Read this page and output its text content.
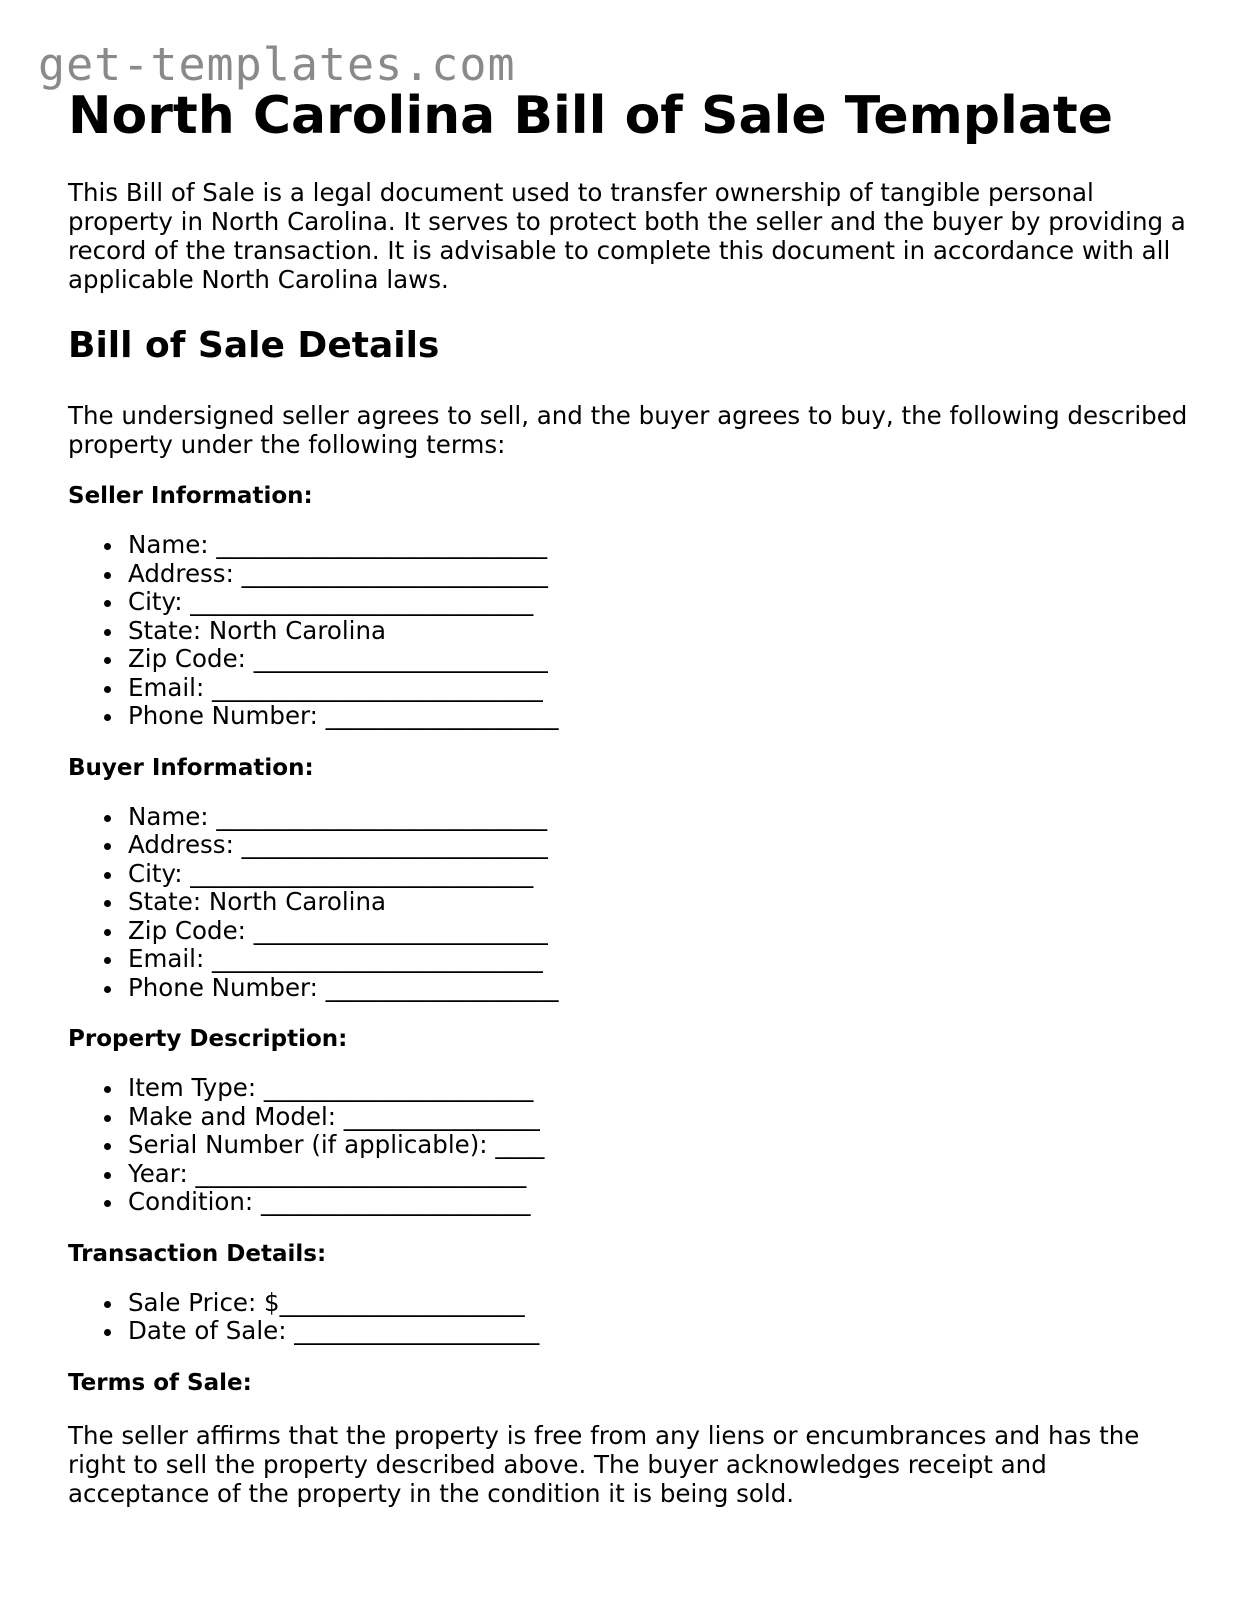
get-templates.com
North Carolina Bill of Sale Template

This Bill of Sale is a legal document used to transfer ownership of tangible personal property in North Carolina. It serves to protect both the seller and the buyer by providing a record of the transaction. It is advisable to complete this document in accordance with all applicable North Carolina laws.

Bill of Sale Details

The undersigned seller agrees to sell, and the buyer agrees to buy, the following described property under the following terms:

Seller Information:
Name: ___________________________
Address: _________________________
City: ____________________________
State: North Carolina
Zip Code: ________________________
Email: ___________________________
Phone Number: ___________________
Buyer Information:
Name: ___________________________
Address: _________________________
City: ____________________________
State: North Carolina
Zip Code: ________________________
Email: ___________________________
Phone Number: ___________________
Property Description:
Item Type: ______________________
Make and Model: ________________
Serial Number (if applicable): ____
Year: ___________________________
Condition: ______________________
Transaction Details:
Sale Price: $____________________
Date of Sale: ____________________
Terms of Sale:

The seller affirms that the property is free from any liens or encumbrances and has the right to sell the property described above. The buyer acknowledges receipt and acceptance of the property in the condition it is being sold.
